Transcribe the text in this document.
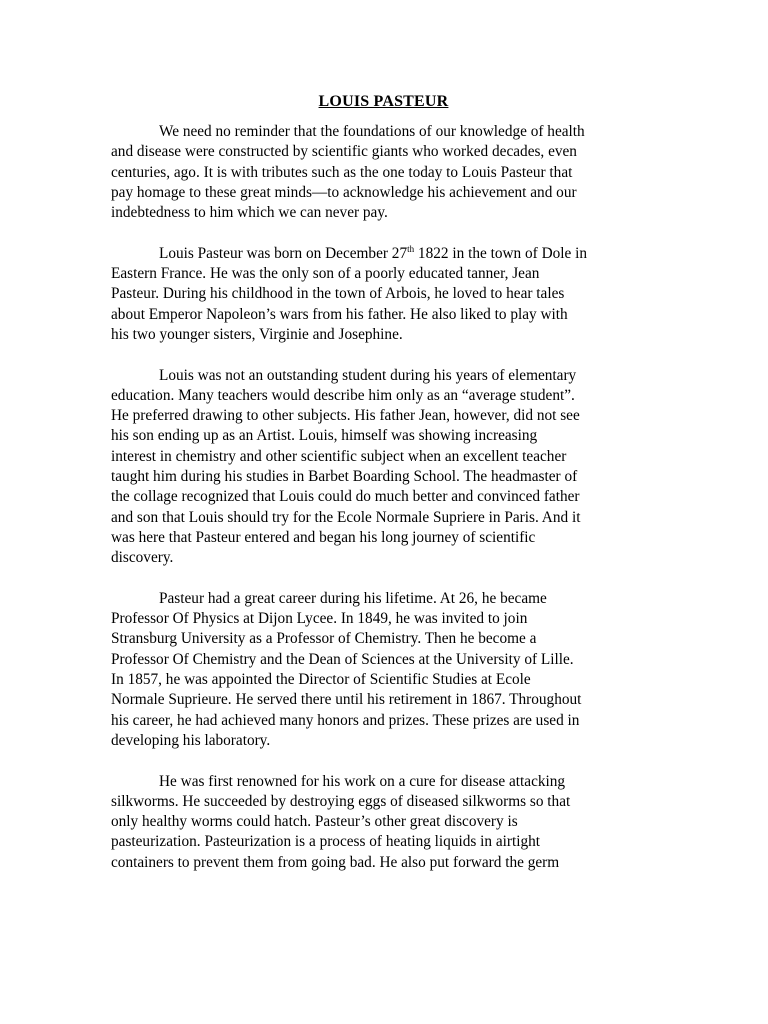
LOUIS PASTEUR
We need no reminder that the foundations of our knowledge of health
and disease were constructed by scientific giants who worked decades, even
centuries, ago. It is with tributes such as the one today to Louis Pasteur that
pay homage to these great minds—to acknowledge his achievement and our
indebtedness to him which we can never pay.
Louis Pasteur was born on December 27th 1822 in the town of Dole in
Eastern France. He was the only son of a poorly educated tanner, Jean
Pasteur. During his childhood in the town of Arbois, he loved to hear tales
about Emperor Napoleon’s wars from his father. He also liked to play with
his two younger sisters, Virginie and Josephine.
Louis was not an outstanding student during his years of elementary
education. Many teachers would describe him only as an “average student”.
He preferred drawing to other subjects. His father Jean, however, did not see
his son ending up as an Artist. Louis, himself was showing increasing
interest in chemistry and other scientific subject when an excellent teacher
taught him during his studies in Barbet Boarding School. The headmaster of
the collage recognized that Louis could do much better and convinced father
and son that Louis should try for the Ecole Normale Supriere in Paris. And it
was here that Pasteur entered and began his long journey of scientific
discovery.
Pasteur had a great career during his lifetime. At 26, he became
Professor Of Physics at Dijon Lycee. In 1849, he was invited to join
Stransburg University as a Professor of Chemistry. Then he become a
Professor Of Chemistry and the Dean of Sciences at the University of Lille.
In 1857, he was appointed the Director of Scientific Studies at Ecole
Normale Suprieure. He served there until his retirement in 1867. Throughout
his career, he had achieved many honors and prizes. These prizes are used in
developing his laboratory.
He was first renowned for his work on a cure for disease attacking
silkworms. He succeeded by destroying eggs of diseased silkworms so that
only healthy worms could hatch. Pasteur’s other great discovery is
pasteurization. Pasteurization is a process of heating liquids in airtight
containers to prevent them from going bad. He also put forward the germ
